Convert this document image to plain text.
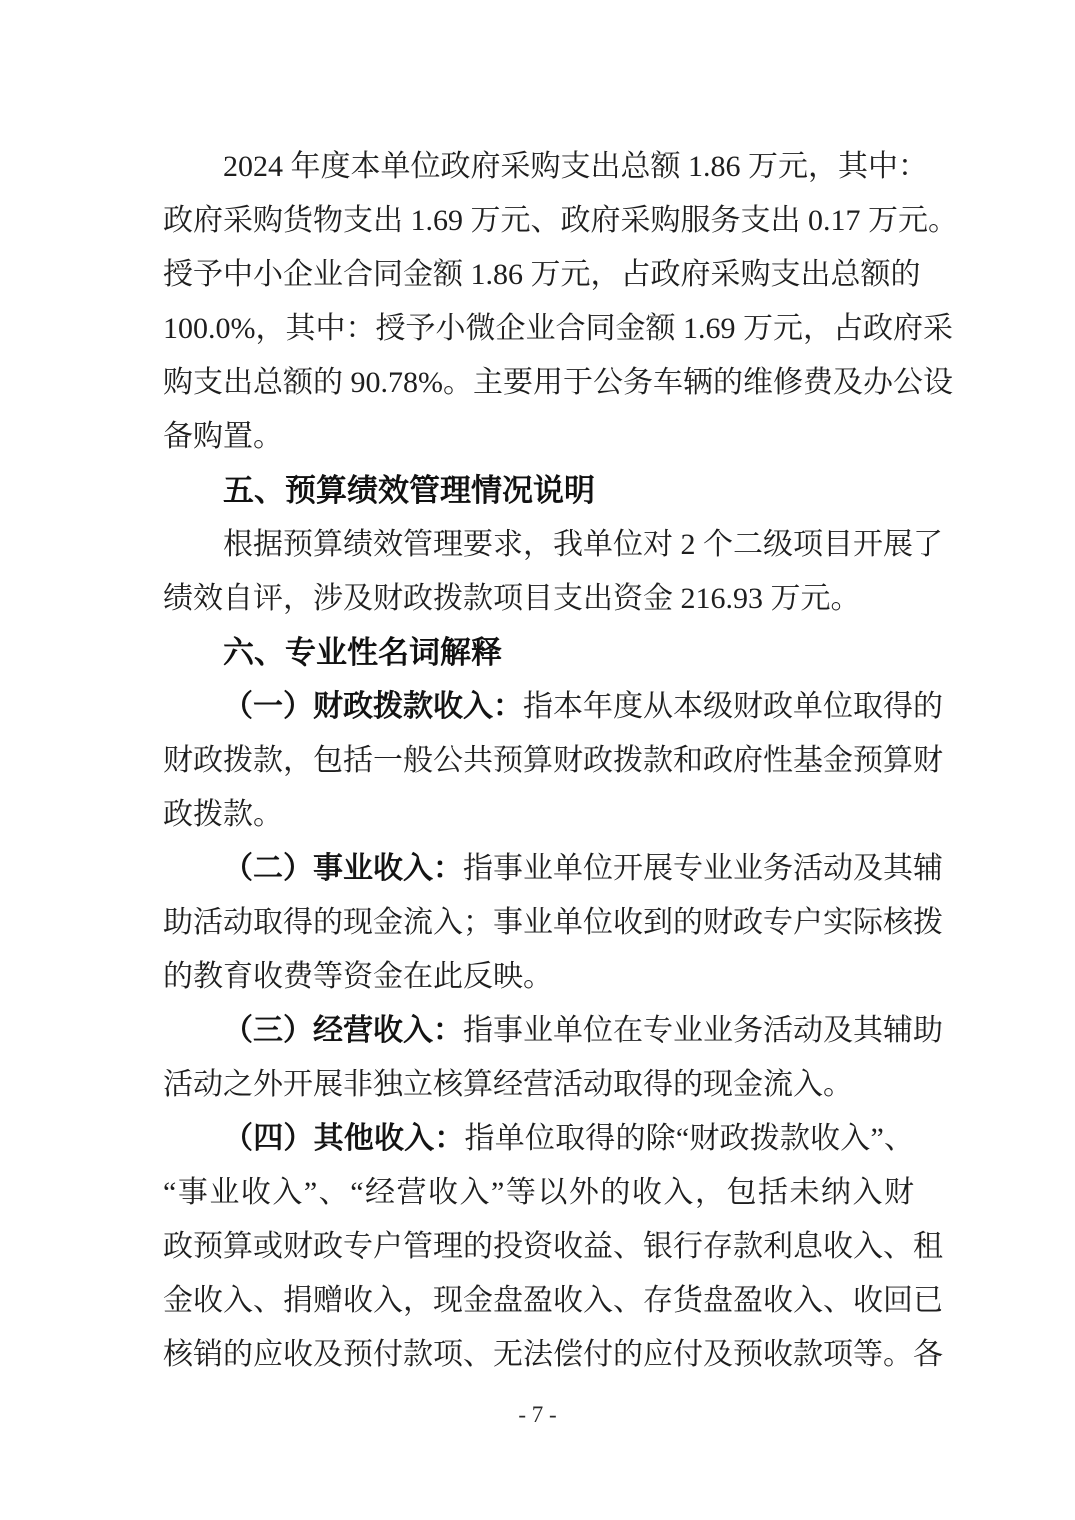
2024 年度本单位政府采购支出总额 1.86 万元，其中：
政府采购货物支出 1.69 万元、政府采购服务支出 0.17 万元。
授予中小企业合同金额 1.86 万元，占政府采购支出总额的
100.0%，其中：授予小微企业合同金额 1.69 万元，占政府采
购支出总额的 90.78%。主要用于公务车辆的维修费及办公设
备购置。
五、预算绩效管理情况说明
根据预算绩效管理要求，我单位对 2 个二级项目开展了
绩效自评，涉及财政拨款项目支出资金 216.93 万元。
六、专业性名词解释
（一）财政拨款收入：指本年度从本级财政单位取得的
财政拨款，包括一般公共预算财政拨款和政府性基金预算财
政拨款。
（二）事业收入：指事业单位开展专业业务活动及其辅
助活动取得的现金流入；事业单位收到的财政专户实际核拨
的教育收费等资金在此反映。
（三）经营收入：指事业单位在专业业务活动及其辅助
活动之外开展非独立核算经营活动取得的现金流入。
（四）其他收入：指单位取得的除“财政拨款收入”、
“事业收入”、“经营收入”等以外的收入，包括未纳入财
政预算或财政专户管理的投资收益、银行存款利息收入、租
金收入、捐赠收入，现金盘盈收入、存货盘盈收入、收回已
核销的应收及预付款项、无法偿付的应付及预收款项等。各
- 7 -
